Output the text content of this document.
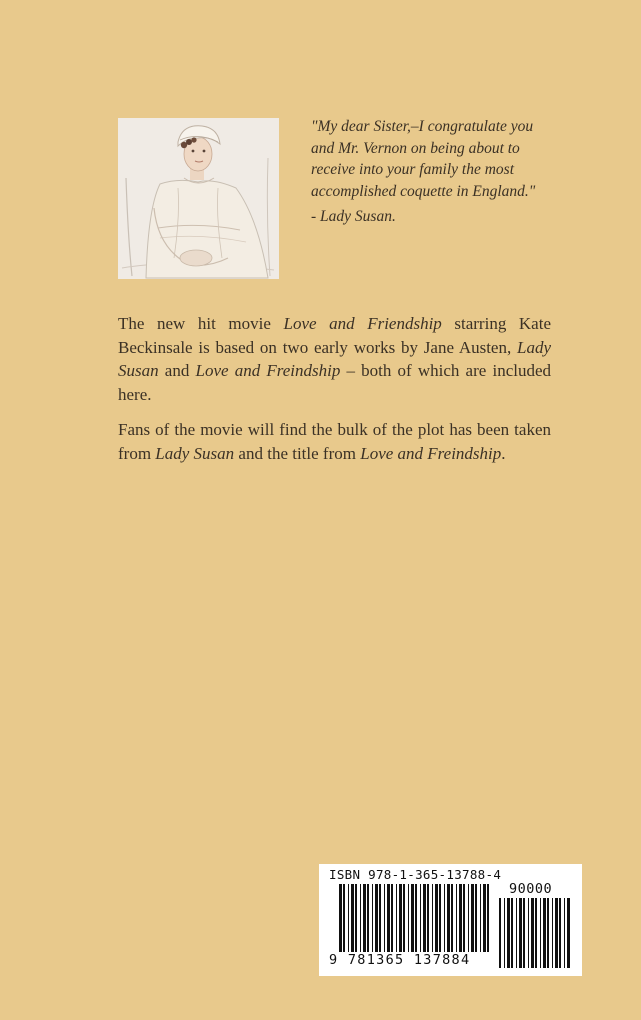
"My dear Sister,–I congratulate you
and Mr. Vernon on being about to
receive into your family the most
accomplished coquette in England."
- Lady Susan.
The new hit movie Love and Friendship starring Kate Beckinsale is based on two early works by Jane Austen, Lady Susan and Love and Freindship – both of which are included here.
Fans of the movie will find the bulk of the plot has been taken from Lady Susan and the title from Love and Freindship.
ISBN 978-1-365-13788-4
90000
9 781365 137884
